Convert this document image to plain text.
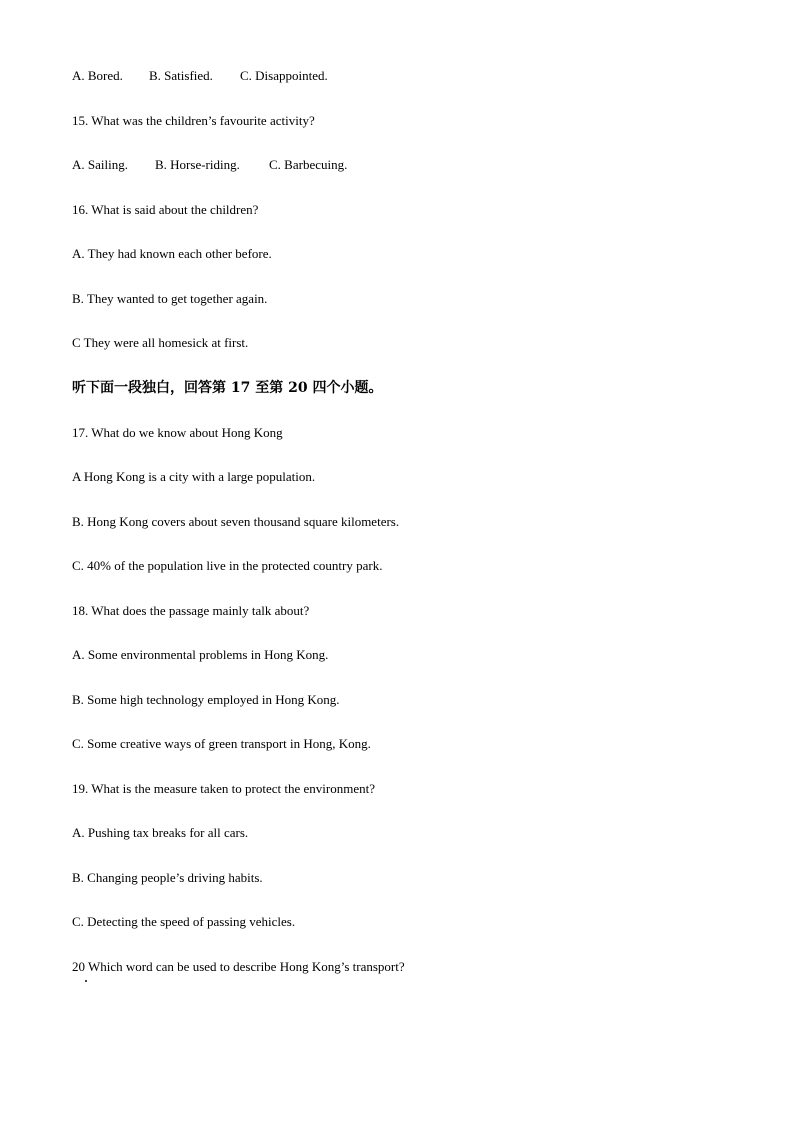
A. Bored. B. Satisfied. C. Disappointed.
15. What was the children’s favourite activity?
A. Sailing. B. Horse-riding. C. Barbecuing.
16. What is said about the children?
A. They had known each other before.
B. They wanted to get together again.
C They were all homesick at first.
听下面一段独白，回答第 17 至第 20 四个小题。
17. What do we know about Hong Kong
A Hong Kong is a city with a large population.
B. Hong Kong covers about seven thousand square kilometers.
C. 40% of the population live in the protected country park.
18. What does the passage mainly talk about?
A. Some environmental problems in Hong Kong.
B. Some high technology employed in Hong Kong.
C. Some creative ways of green transport in Hong, Kong.
19. What is the measure taken to protect the environment?
A. Pushing tax breaks for all cars.
B. Changing people’s driving habits.
C. Detecting the speed of passing vehicles.
20 Which word can be used to describe Hong Kong’s transport?
